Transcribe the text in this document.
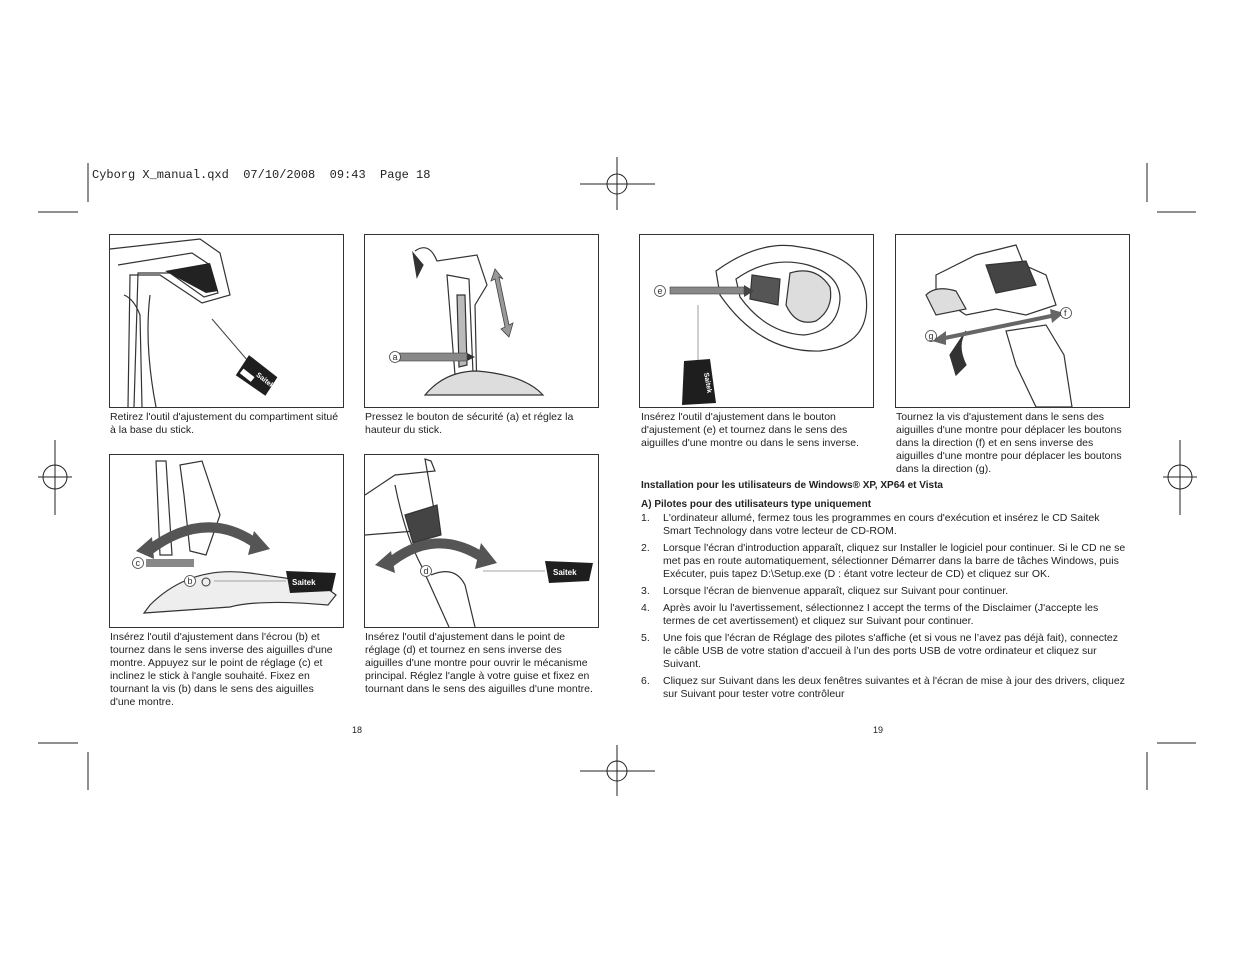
Cyborg X_manual.qxd  07/10/2008  09:43  Page 18
Saitek
Retirez l'outil d'ajustement du compartiment situé à la base du stick.
a
Pressez le bouton de sécurité (a) et réglez la hauteur du stick.
c
b	Saitek
Insérez l'outil d'ajustement dans l'écrou (b) et tournez dans le sens inverse des aiguilles d'une montre. Appuyez sur le point de réglage (c) et inclinez le stick à l'angle souhaité. Fixez en tournant la vis (b) dans le sens des aiguilles d'une montre.
d	Saitek
Insérez l'outil d'ajustement dans le point de réglage (d) et tournez en sens inverse des aiguilles d'une montre pour ouvrir le mécanisme principal. Réglez l'angle à votre guise et fixez en tournant dans le sens des aiguilles d'une montre.
18
e
Saitek
Insérez l'outil d'ajustement dans le bouton d'ajustement (e) et tournez dans le sens des aiguilles d'une montre ou dans le sens inverse.
f
g
Tournez la vis d'ajustement dans le sens des aiguilles d'une montre pour déplacer les boutons dans la direction (f) et en sens inverse des aiguilles d'une montre pour déplacer les boutons dans la direction (g).
Installation pour les utilisateurs de Windows® XP, XP64 et Vista
A) Pilotes pour des utilisateurs type uniquement
1. L'ordinateur allumé, fermez tous les programmes en cours d'exécution et insérez le CD Saitek Smart Technology dans votre lecteur de CD-ROM.
2. Lorsque l'écran d'introduction apparaît, cliquez sur Installer le logiciel pour continuer. Si le CD ne se met pas en route automatiquement, sélectionner Démarrer dans la barre de tâches Windows, puis Exécuter, puis tapez D:\Setup.exe (D : étant votre lecteur de CD) et cliquez sur OK.
3. Lorsque l'écran de bienvenue apparaît, cliquez sur Suivant pour continuer.
4. Après avoir lu l'avertissement, sélectionnez I accept the terms of the Disclaimer (J'accepte les termes de cet avertissement) et cliquez sur Suivant pour continuer.
5. Une fois que l'écran de Réglage des pilotes s'affiche (et si vous ne l’avez pas déjà fait), connectez le câble USB de votre station d’accueil à l’un des ports USB de votre ordinateur et cliquez sur Suivant.
6. Cliquez sur Suivant dans les deux fenêtres suivantes et à l'écran de mise à jour des drivers, cliquez sur Suivant pour tester votre contrôleur
19
